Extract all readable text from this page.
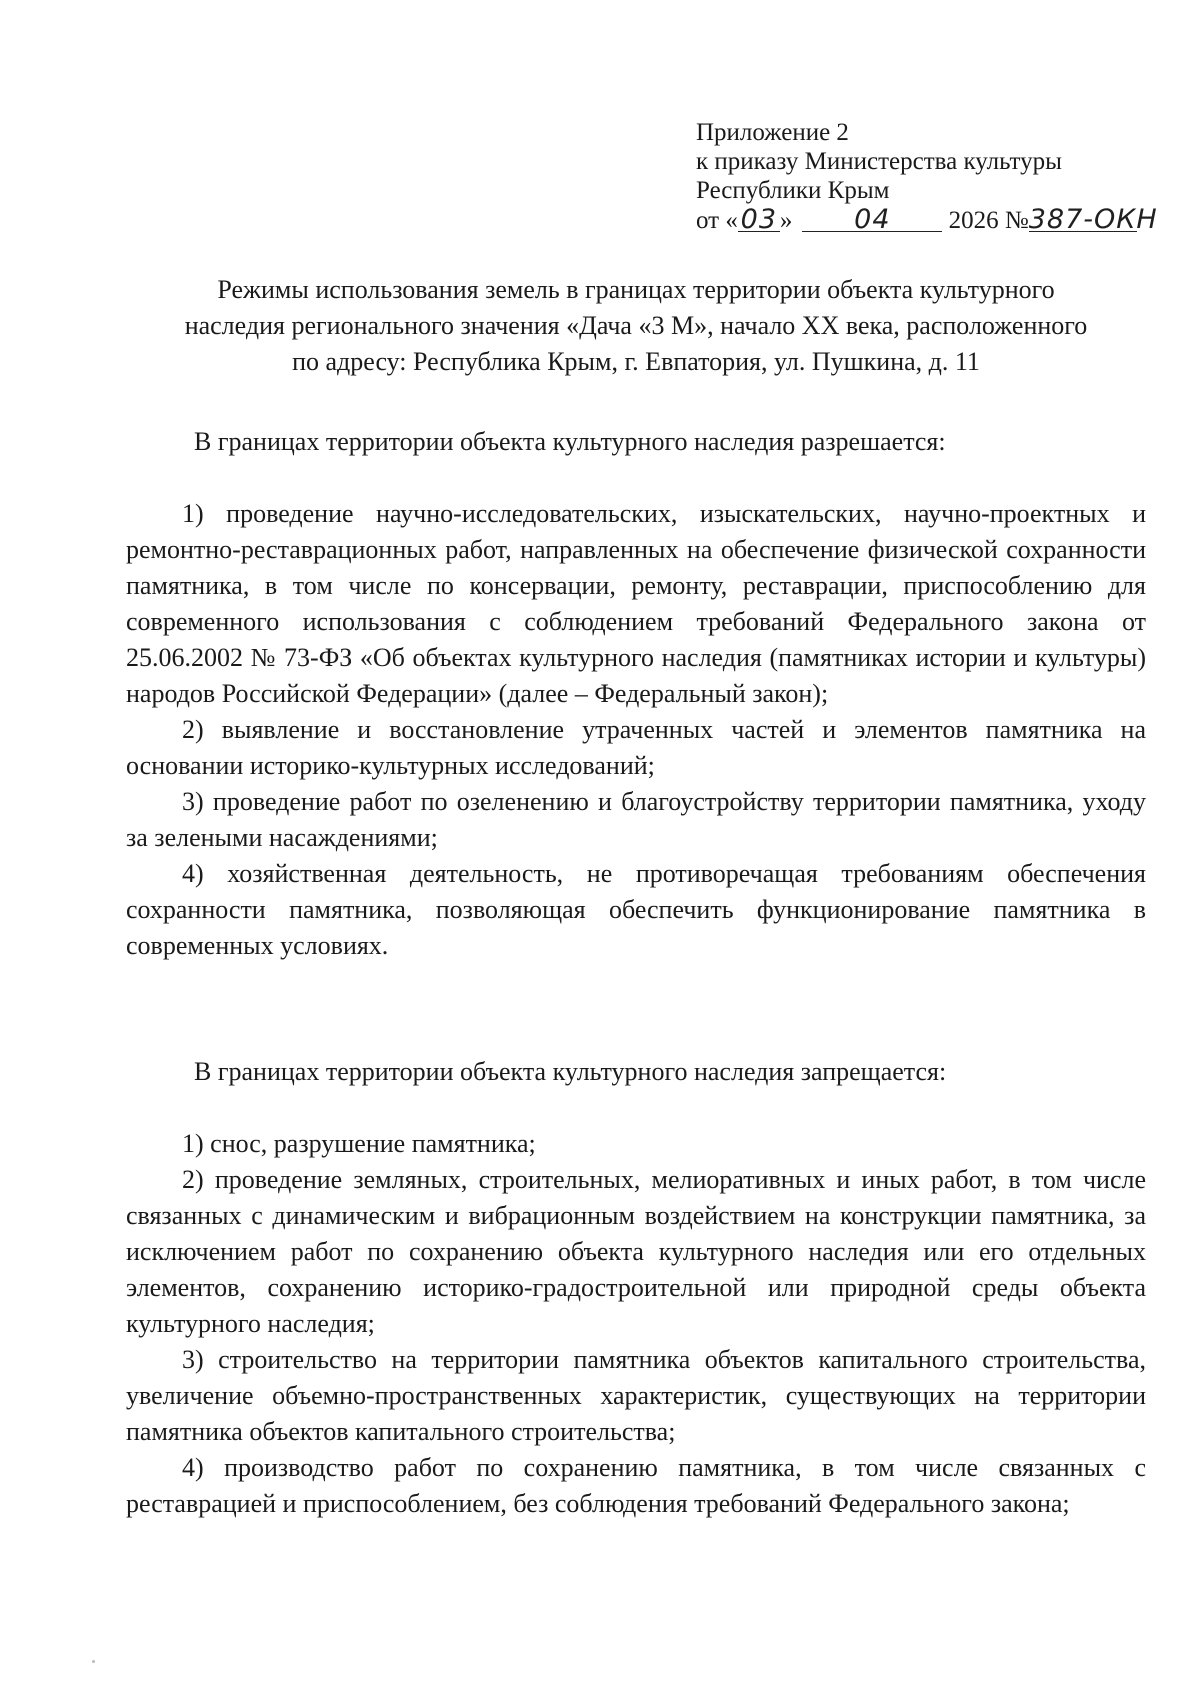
Приложение 2
к приказу Министерства культуры
Республики Крым
от « 03 » 04 2026 №387-ОКН
Режимы использования земель в границах территории объекта культурного
наследия регионального значения «Дача «3 М», начало XX века, расположенного
по адресу: Республика Крым, г. Евпатория, ул. Пушкина, д. 11
В границах территории объекта культурного наследия разрешается:

1) проведение научно-исследовательских, изыскательских, научно-проектных и ремонтно-реставрационных работ, направленных на обеспечение физической сохранности памятника, в том числе по консервации, ремонту, реставрации, приспособлению для современного использования с соблюдением требований Федерального закона от 25.06.2002 № 73-ФЗ «Об объектах культурного наследия (памятниках истории и культуры) народов Российской Федерации» (далее – Федеральный закон);

2) выявление и восстановление утраченных частей и элементов памятника на основании историко-культурных исследований;

3) проведение работ по озеленению и благоустройству территории памятника, уходу за зелеными насаждениями;

4) хозяйственная деятельность, не противоречащая требованиям обеспечения сохранности памятника, позволяющая обеспечить функционирование памятника в современных условиях.

В границах территории объекта культурного наследия запрещается:

1) снос, разрушение памятника;

2) проведение земляных, строительных, мелиоративных и иных работ, в том числе связанных с динамическим и вибрационным воздействием на конструкции памятника, за исключением работ по сохранению объекта культурного наследия или его отдельных элементов, сохранению историко-градостроительной или природной среды объекта культурного наследия;

3) строительство на территории памятника объектов капитального строительства, увеличение объемно-пространственных характеристик, существующих на территории памятника объектов капитального строительства;

4) производство работ по сохранению памятника, в том числе связанных с реставрацией и приспособлением, без соблюдения требований Федерального закона;
